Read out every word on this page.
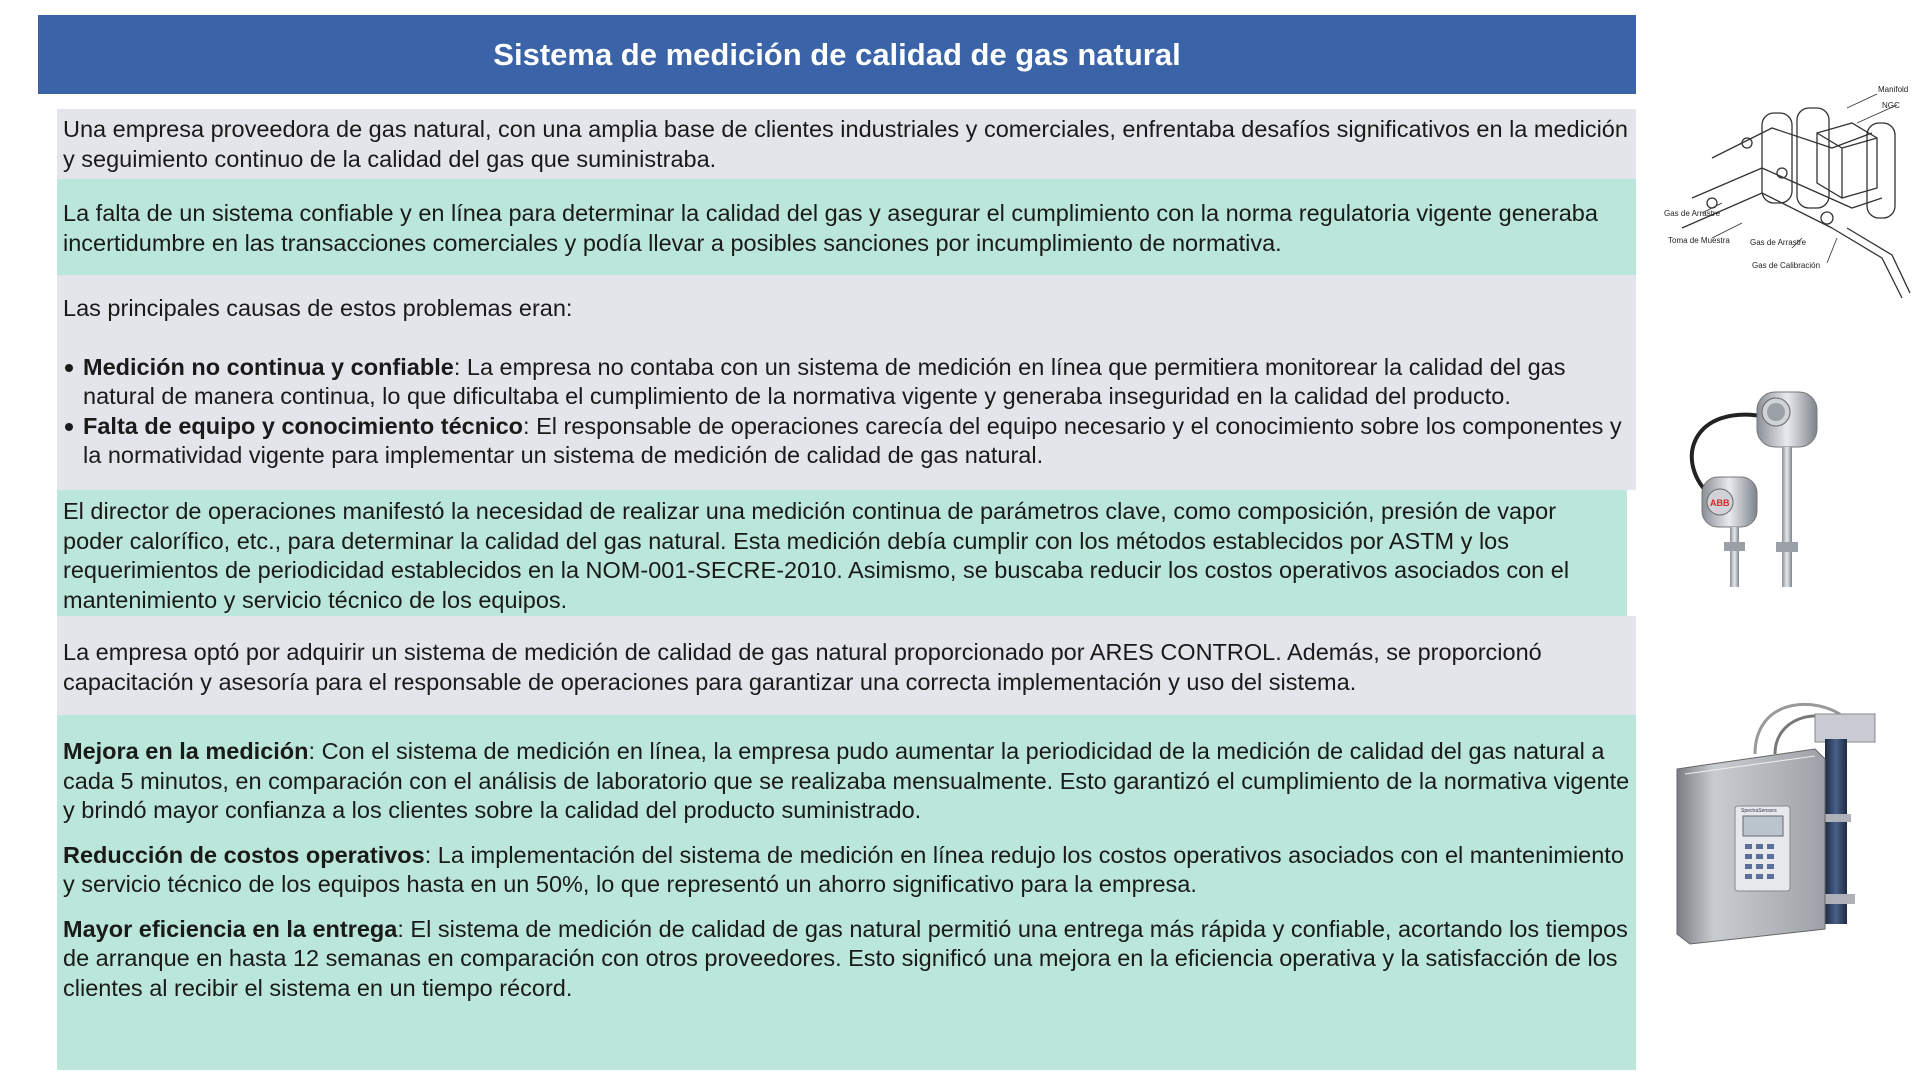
Sistema de medición de calidad de gas natural

Una empresa proveedora de gas natural, con una amplia base de clientes industriales y comerciales, enfrentaba desafíos significativos en la medición y seguimiento continuo de la calidad del gas que suministraba.

La falta de un sistema confiable y en línea para determinar la calidad del gas y asegurar el cumplimiento con la norma regulatoria vigente generaba incertidumbre en las transacciones comerciales y podía llevar a posibles sanciones por incumplimiento de normativa.

Las principales causas de estos problemas eran:

Medición no continua y confiable: La empresa no contaba con un sistema de medición en línea que permitiera monitorear la calidad del gas natural de manera continua, lo que dificultaba el cumplimiento de la normativa vigente y generaba inseguridad en la calidad del producto.
Falta de equipo y conocimiento técnico: El responsable de operaciones carecía del equipo necesario y el conocimiento sobre los componentes y la normatividad vigente para implementar un sistema de medición de calidad de gas natural.

El director de operaciones manifestó la necesidad de realizar una medición continua de parámetros clave, como composición, presión de vapor poder calorífico, etc., para determinar la calidad del gas natural. Esta medición debía cumplir con los métodos establecidos por ASTM y los requerimientos de periodicidad establecidos en la NOM-001-SECRE-2010. Asimismo, se buscaba reducir los costos operativos asociados con el mantenimiento y servicio técnico de los equipos.

La empresa optó por adquirir un sistema de medición de calidad de gas natural proporcionado por ARES CONTROL. Además, se proporcionó capacitación y asesoría para el responsable de operaciones para garantizar una correcta implementación y uso del sistema.

Mejora en la medición: Con el sistema de medición en línea, la empresa pudo aumentar la periodicidad de la medición de calidad del gas natural a cada 5 minutos, en comparación con el análisis de laboratorio que se realizaba mensualmente. Esto garantizó el cumplimiento de la normativa vigente y brindó mayor confianza a los clientes sobre la calidad del producto suministrado.

Reducción de costos operativos: La implementación del sistema de medición en línea redujo los costos operativos asociados con el mantenimiento y servicio técnico de los equipos hasta en un 50%, lo que representó un ahorro significativo para la empresa.

Mayor eficiencia en la entrega: El sistema de medición de calidad de gas natural permitió una entrega más rápida y confiable, acortando los tiempos de arranque en hasta 12 semanas en comparación con otros proveedores. Esto significó una mejora en la eficiencia operativa y la satisfacción de los clientes al recibir el sistema en un tiempo récord.

Manifold
NGC
Gas de Arrastre
Toma de Muestra	Gas de Arrastre
Gas de Calibración
ABB
SpectraSensors
